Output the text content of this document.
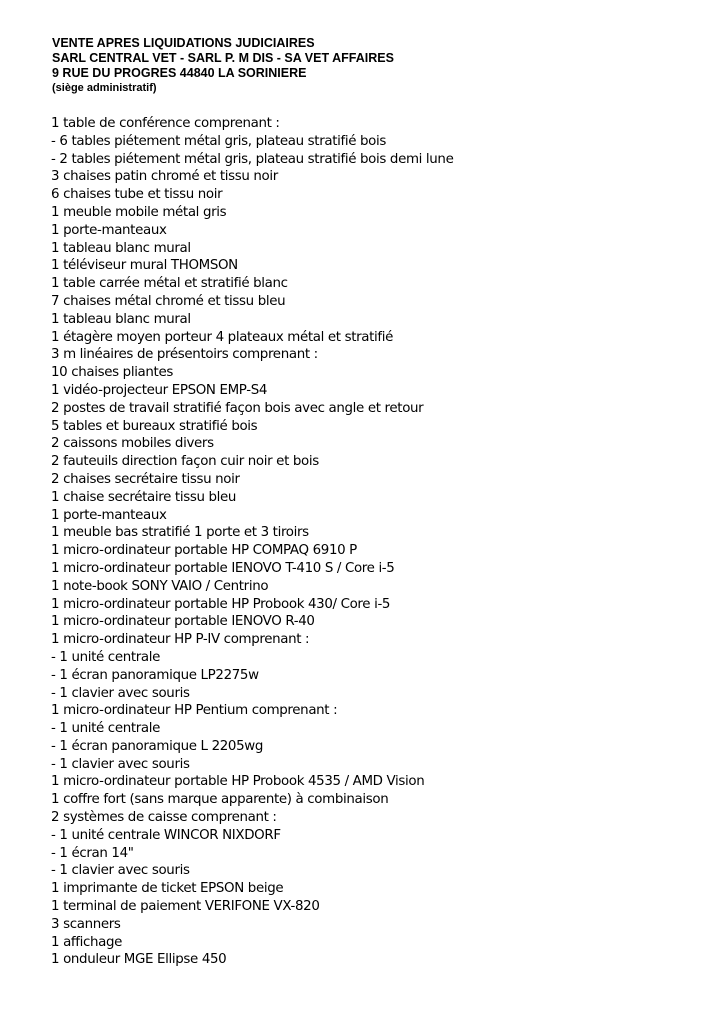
VENTE APRES LIQUIDATIONS JUDICIAIRES
SARL CENTRAL VET - SARL P. M DIS - SA VET AFFAIRES
9 RUE DU PROGRES 44840 LA SORINIERE
(siège administratif)
1 table de conférence comprenant :
- 6 tables piétement métal gris, plateau stratifié bois
- 2 tables piétement métal gris, plateau stratifié bois demi lune
3 chaises patin chromé et tissu noir
6 chaises tube et tissu noir
1 meuble mobile métal gris
1 porte-manteaux
1 tableau blanc mural
1 téléviseur mural THOMSON
1 table carrée métal et stratifié blanc
7 chaises métal chromé et tissu bleu
1 tableau blanc mural
1 étagère moyen porteur 4 plateaux métal et stratifié
3 m linéaires de présentoirs comprenant :
10 chaises pliantes
1 vidéo-projecteur EPSON EMP-S4
2 postes de travail stratifié façon bois avec angle et retour
5 tables et bureaux stratifié bois
2 caissons mobiles divers
2 fauteuils direction façon cuir noir et bois
2 chaises secrétaire tissu noir
1 chaise secrétaire tissu bleu
1 porte-manteaux
1 meuble bas stratifié 1 porte et 3 tiroirs
1 micro-ordinateur portable HP COMPAQ 6910 P
1 micro-ordinateur portable IENOVO T-410 S / Core i-5
1 note-book SONY VAIO / Centrino
1 micro-ordinateur portable HP Probook 430/ Core i-5
1 micro-ordinateur portable IENOVO R-40
1 micro-ordinateur HP P-IV comprenant :
- 1 unité centrale
- 1 écran panoramique LP2275w
- 1 clavier avec souris
1 micro-ordinateur HP Pentium comprenant :
- 1 unité centrale
- 1 écran panoramique L 2205wg
- 1 clavier avec souris
1 micro-ordinateur portable HP Probook 4535 / AMD Vision
1 coffre fort (sans marque apparente) à combinaison
2 systèmes de caisse comprenant :
- 1 unité centrale WINCOR NIXDORF
- 1 écran 14"
- 1 clavier avec souris
1 imprimante de ticket EPSON beige
1 terminal de paiement VERIFONE VX-820
3 scanners
1 affichage
1 onduleur MGE Ellipse 450
